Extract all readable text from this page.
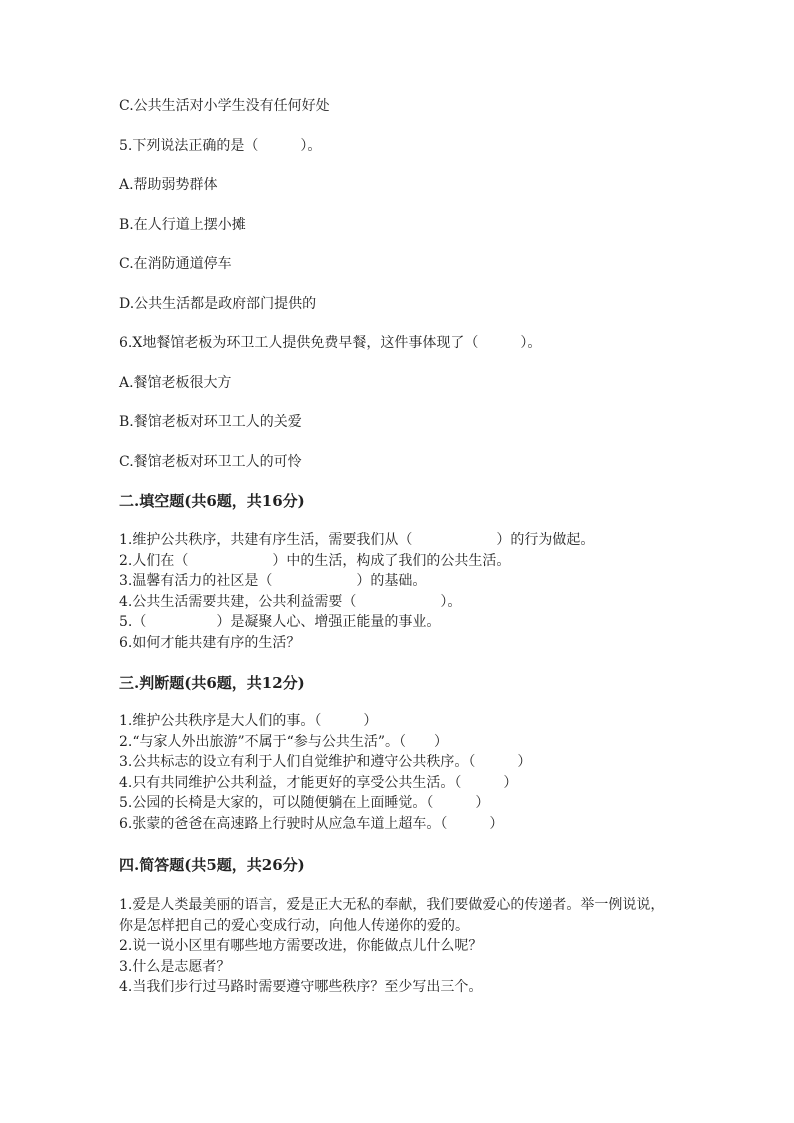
C.公共生活对小学生没有任何好处
5.下列说法正确的是（　　　）。
A.帮助弱势群体
B.在人行道上摆小摊
C.在消防通道停车
D.公共生活都是政府部门提供的
6.X地餐馆老板为环卫工人提供免费早餐，这件事体现了（　　　）。
A.餐馆老板很大方
B.餐馆老板对环卫工人的关爱
C.餐馆老板对环卫工人的可怜
二.填空题(共6题，共16分)
1.维护公共秩序，共建有序生活，需要我们从（　　　　　　）的行为做起。
2.人们在（　　　　　　）中的生活，构成了我们的公共生活。
3.温馨有活力的社区是（　　　　　　）的基础。
4.公共生活需要共建，公共利益需要（　　　　　　）。
5.（　　　　　）是凝聚人心、增强正能量的事业。
6.如何才能共建有序的生活？
三.判断题(共6题，共12分)
1.维护公共秩序是大人们的事。（　　　）
2.“与家人外出旅游”不属于“参与公共生活”。（　　）
3.公共标志的设立有利于人们自觉维护和遵守公共秩序。（　　　）
4.只有共同维护公共利益，才能更好的享受公共生活。（　　　）
5.公园的长椅是大家的，可以随便躺在上面睡觉。（　　　）
6.张蒙的爸爸在高速路上行驶时从应急车道上超车。（　　　）
四.简答题(共5题，共26分)
1.爱是人类最美丽的语言，爱是正大无私的奉献，我们要做爱心的传递者。举一例说说，你是怎样把自己的爱心变成行动，向他人传递你的爱的。
2.说一说小区里有哪些地方需要改进，你能做点儿什么呢？
3.什么是志愿者？
4.当我们步行过马路时需要遵守哪些秩序？至少写出三个。
